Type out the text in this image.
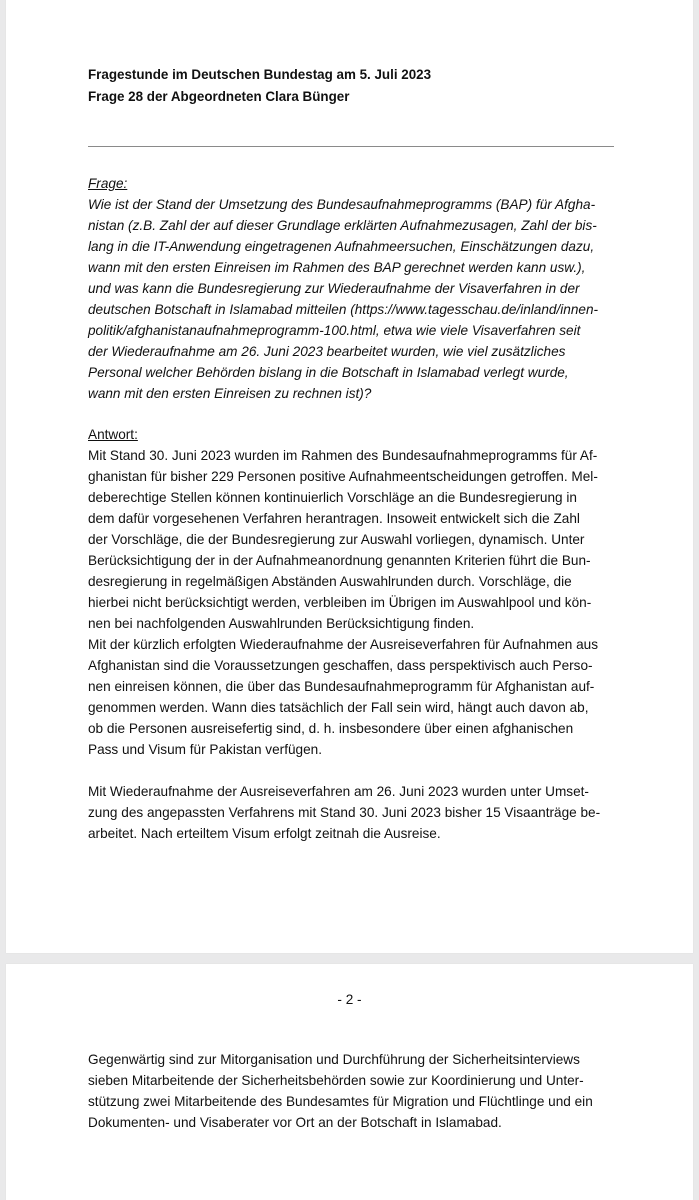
Fragestunde im Deutschen Bundestag am 5. Juli 2023
Frage 28 der Abgeordneten Clara Bünger
Frage:
Wie ist der Stand der Umsetzung des Bundesaufnahmeprogramms (BAP) für Afgha-
nistan (z.B. Zahl der auf dieser Grundlage erklärten Aufnahmezusagen, Zahl der bis-
lang in die IT-Anwendung eingetragenen Aufnahmeersuchen, Einschätzungen dazu,
wann mit den ersten Einreisen im Rahmen des BAP gerechnet werden kann usw.),
und was kann die Bundesregierung zur Wiederaufnahme der Visaverfahren in der
deutschen Botschaft in Islamabad mitteilen (https://www.tagesschau.de/inland/innen-
politik/afghanistanaufnahmeprogramm-100.html, etwa wie viele Visaverfahren seit
der Wiederaufnahme am 26. Juni 2023 bearbeitet wurden, wie viel zusätzliches
Personal welcher Behörden bislang in die Botschaft in Islamabad verlegt wurde,
wann mit den ersten Einreisen zu rechnen ist)?
Antwort:
Mit Stand 30. Juni 2023 wurden im Rahmen des Bundesaufnahmeprogramms für Af-
ghanistan für bisher 229 Personen positive Aufnahmeentscheidungen getroffen. Mel-
deberechtige Stellen können kontinuierlich Vorschläge an die Bundesregierung in
dem dafür vorgesehenen Verfahren herantragen. Insoweit entwickelt sich die Zahl
der Vorschläge, die der Bundesregierung zur Auswahl vorliegen, dynamisch. Unter
Berücksichtigung der in der Aufnahmeanordnung genannten Kriterien führt die Bun-
desregierung in regelmäßigen Abständen Auswahlrunden durch. Vorschläge, die
hierbei nicht berücksichtigt werden, verbleiben im Übrigen im Auswahlpool und kön-
nen bei nachfolgenden Auswahlrunden Berücksichtigung finden.
Mit der kürzlich erfolgten Wiederaufnahme der Ausreiseverfahren für Aufnahmen aus
Afghanistan sind die Voraussetzungen geschaffen, dass perspektivisch auch Perso-
nen einreisen können, die über das Bundesaufnahmeprogramm für Afghanistan auf-
genommen werden. Wann dies tatsächlich der Fall sein wird, hängt auch davon ab,
ob die Personen ausreisefertig sind, d. h. insbesondere über einen afghanischen
Pass und Visum für Pakistan verfügen.
Mit Wiederaufnahme der Ausreiseverfahren am 26. Juni 2023 wurden unter Umset-
zung des angepassten Verfahrens mit Stand 30. Juni 2023 bisher 15 Visaanträge be-
arbeitet. Nach erteiltem Visum erfolgt zeitnah die Ausreise.
- 2 -
Gegenwärtig sind zur Mitorganisation und Durchführung der Sicherheitsinterviews
sieben Mitarbeitende der Sicherheitsbehörden sowie zur Koordinierung und Unter-
stützung zwei Mitarbeitende des Bundesamtes für Migration und Flüchtlinge und ein
Dokumenten- und Visaberater vor Ort an der Botschaft in Islamabad.
